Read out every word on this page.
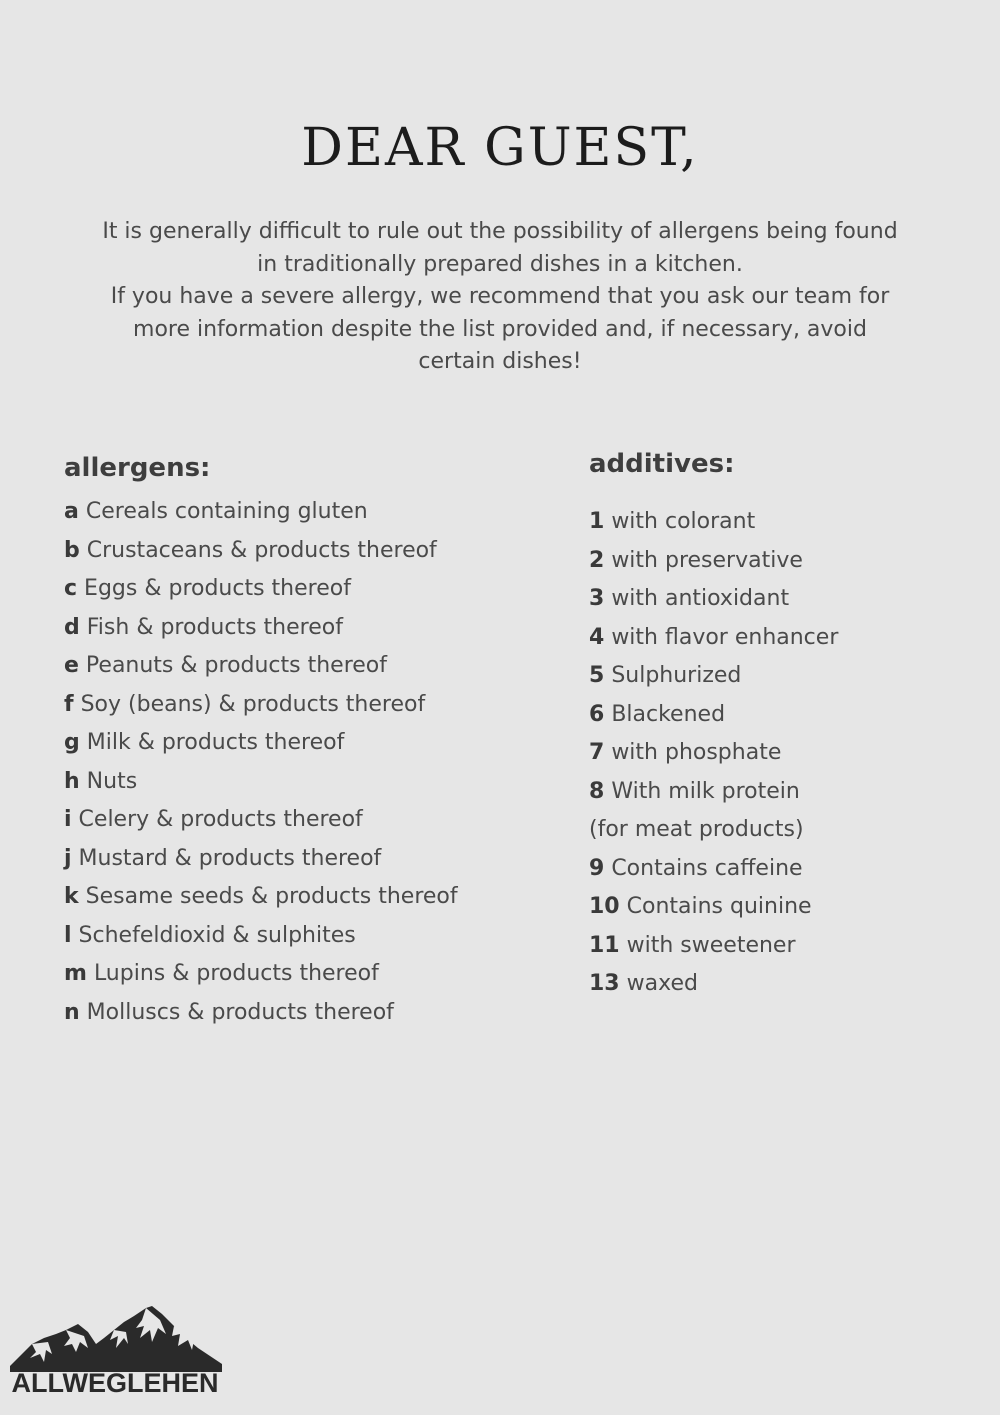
DEAR GUEST,
It is generally difficult to rule out the possibility of allergens being found
in traditionally prepared dishes in a kitchen.
If you have a severe allergy, we recommend that you ask our team for
more information despite the list provided and, if necessary, avoid
certain dishes!
allergens:
a Cereals containing gluten
b Crustaceans & products thereof
c Eggs & products thereof
d Fish & products thereof
e Peanuts & products thereof
f Soy (beans) & products thereof
g Milk & products thereof
h Nuts
i Celery & products thereof
j Mustard & products thereof
k Sesame seeds & products thereof
l Schefeldioxid & sulphites
m Lupins & products thereof
n Molluscs & products thereof
additives:
1 with colorant
2 with preservative
3 with antioxidant
4 with flavor enhancer
5 Sulphurized
6 Blackened
7 with phosphate
8 With milk protein
(for meat products)
9 Contains caffeine
10 Contains quinine
11 with sweetener
13 waxed
ALLWEGLEHEN
